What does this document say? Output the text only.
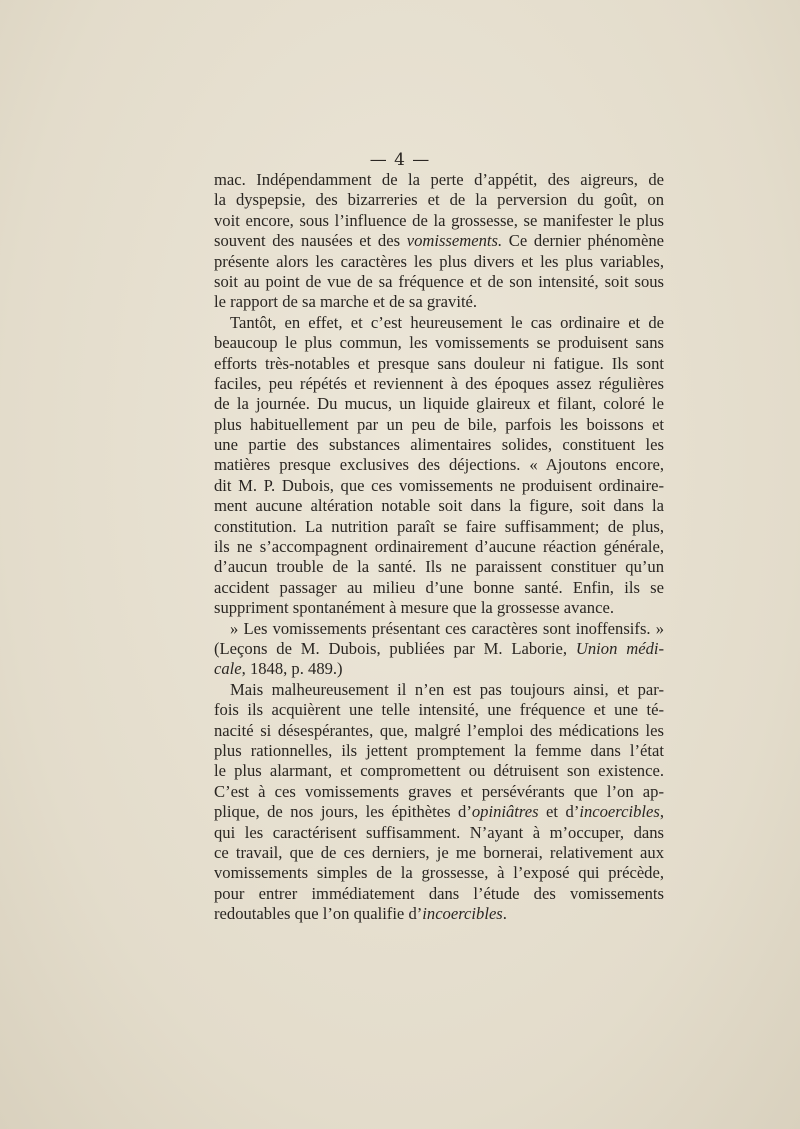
— 4 —
mac. Indépendamment de la perte d’appétit, des aigreurs, de
la dyspepsie, des bizarreries et de la perversion du goût, on
voit encore, sous l’influence de la grossesse, se manifester le plus
souvent des nausées et des vomissements. Ce dernier phénomène
présente alors les caractères les plus divers et les plus variables,
soit au point de vue de sa fréquence et de son intensité, soit sous
le rapport de sa marche et de sa gravité.
Tantôt, en effet, et c’est heureusement le cas ordinaire et de
beaucoup le plus commun, les vomissements se produisent sans
efforts très-notables et presque sans douleur ni fatigue. Ils sont
faciles, peu répétés et reviennent à des époques assez régulières
de la journée. Du mucus, un liquide glaireux et filant, coloré le
plus habituellement par un peu de bile, parfois les boissons et
une partie des substances alimentaires solides, constituent les
matières presque exclusives des déjections. « Ajoutons encore,
dit M. P. Dubois, que ces vomissements ne produisent ordinaire-
ment aucune altération notable soit dans la figure, soit dans la
constitution. La nutrition paraît se faire suffisamment; de plus,
ils ne s’accompagnent ordinairement d’aucune réaction générale,
d’aucun trouble de la santé. Ils ne paraissent constituer qu’un
accident passager au milieu d’une bonne santé. Enfin, ils se
suppriment spontanément à mesure que la grossesse avance.
» Les vomissements présentant ces caractères sont inoffensifs. »
(Leçons de M. Dubois, publiées par M. Laborie, Union médi-
cale, 1848, p. 489.)
Mais malheureusement il n’en est pas toujours ainsi, et par-
fois ils acquièrent une telle intensité, une fréquence et une té-
nacité si désespérantes, que, malgré l’emploi des médications les
plus rationnelles, ils jettent promptement la femme dans l’état
le plus alarmant, et compromettent ou détruisent son existence.
C’est à ces vomissements graves et persévérants que l’on ap-
plique, de nos jours, les épithètes d’opiniâtres et d’incoercibles,
qui les caractérisent suffisamment. N’ayant à m’occuper, dans
ce travail, que de ces derniers, je me bornerai, relativement aux
vomissements simples de la grossesse, à l’exposé qui précède,
pour entrer immédiatement dans l’étude des vomissements
redoutables que l’on qualifie d’incoercibles.
